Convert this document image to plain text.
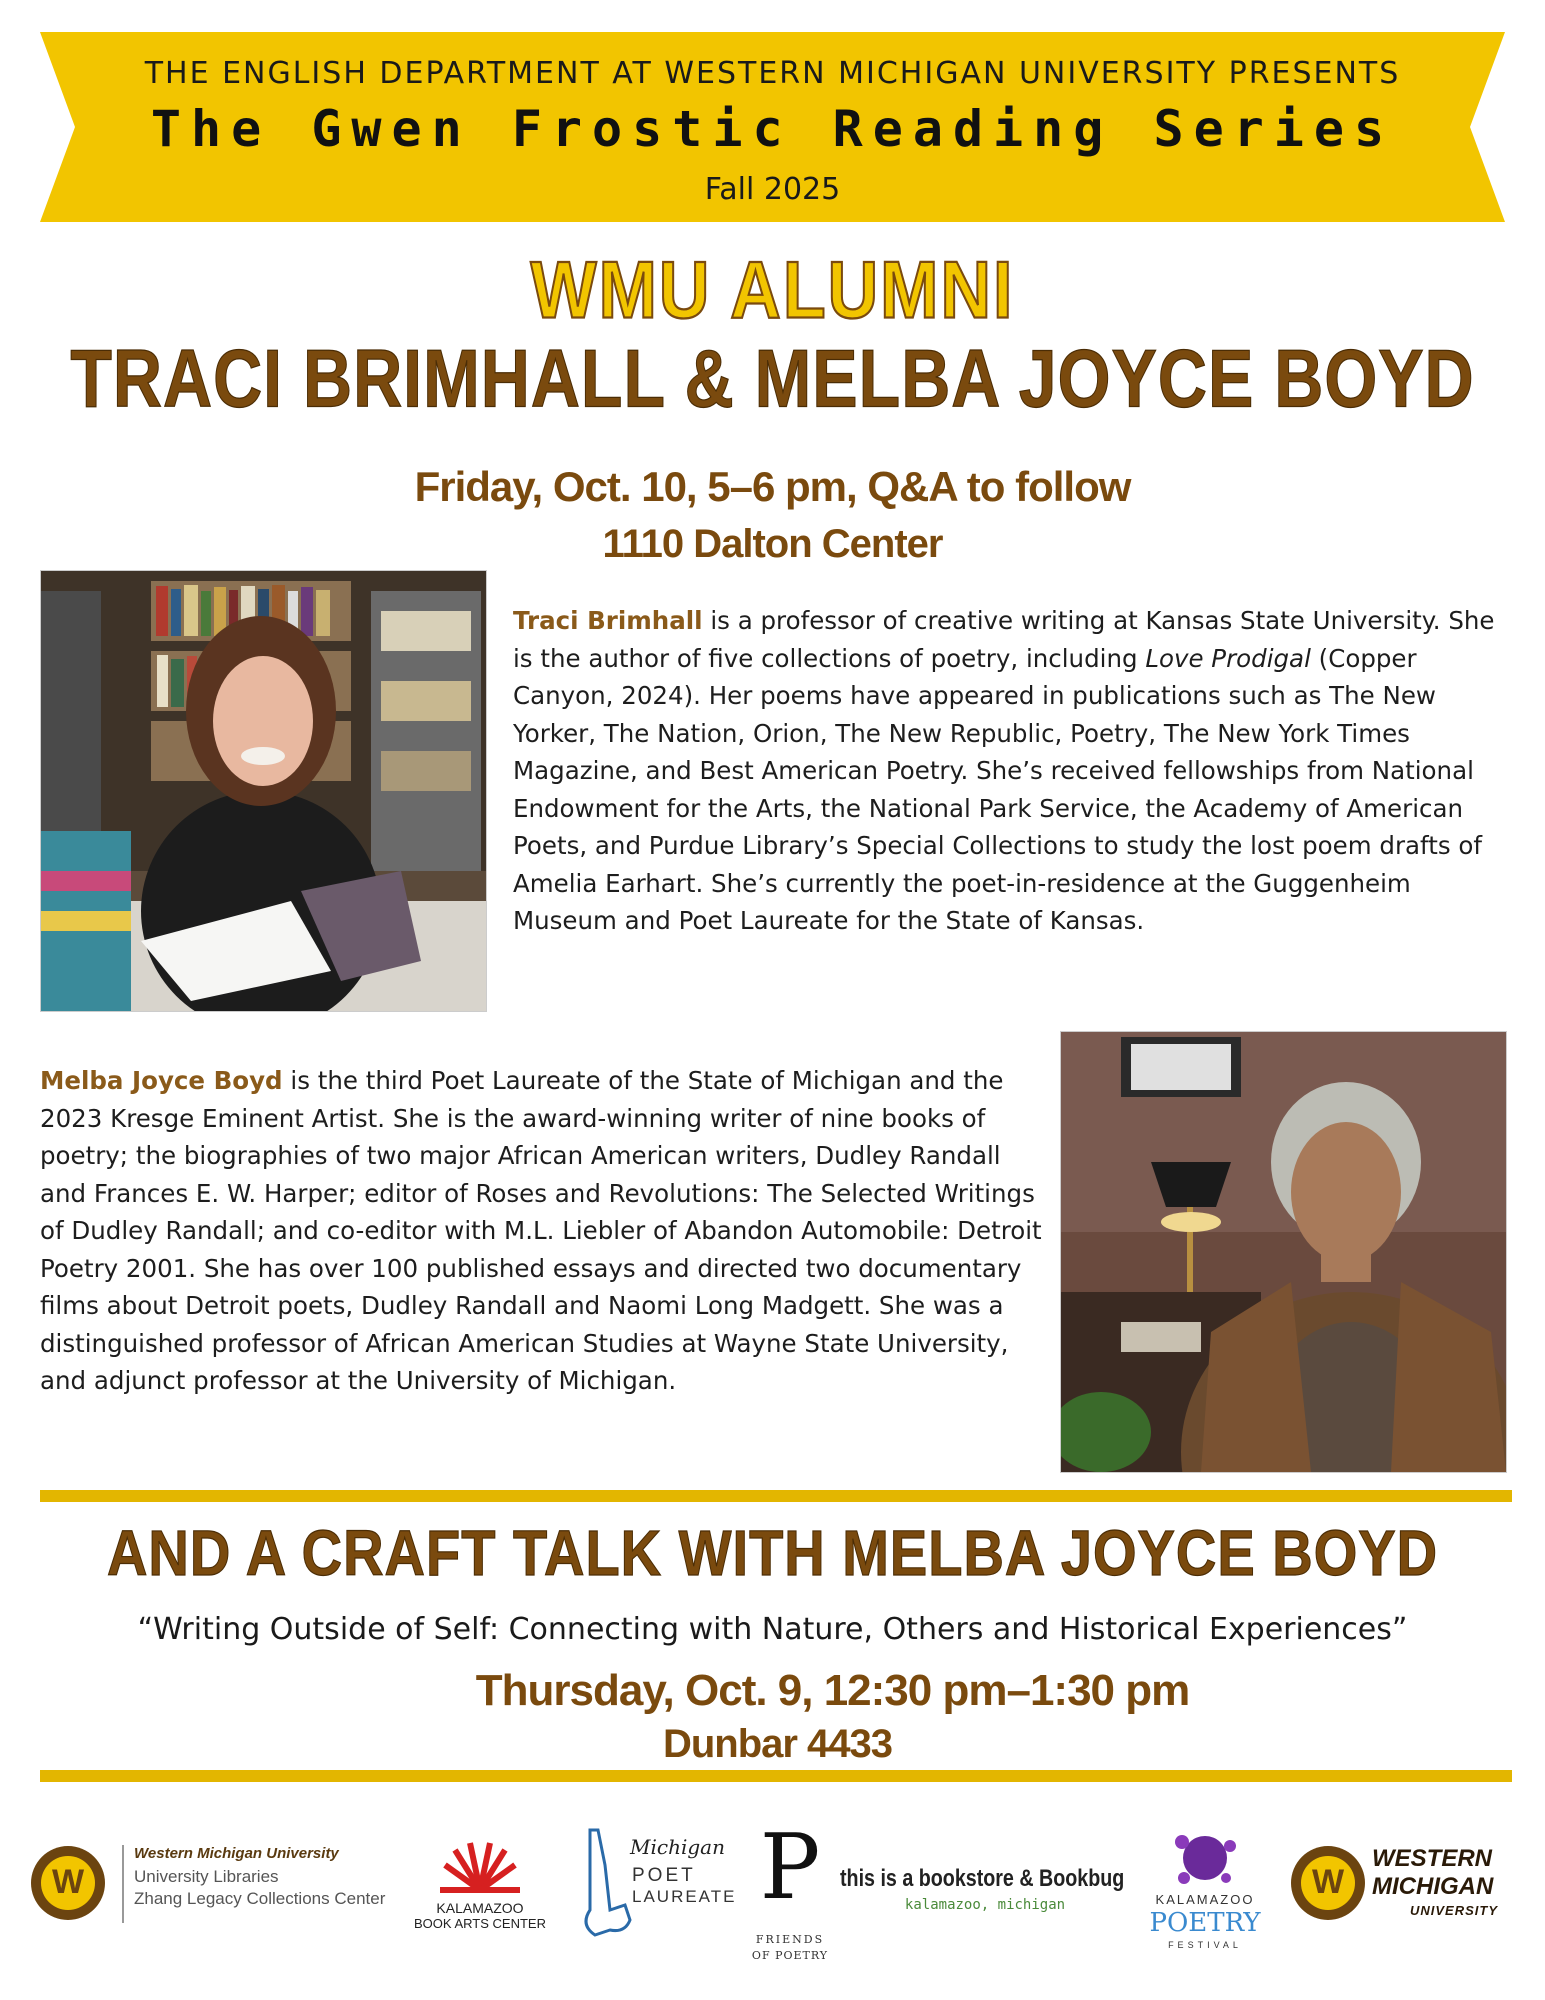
THE ENGLISH DEPARTMENT AT WESTERN MICHIGAN UNIVERSITY PRESENTS
The Gwen Frostic Reading Series
Fall 2025
WMU ALUMNI
TRACI BRIMHALL & MELBA JOYCE BOYD
Friday, Oct. 10, 5–6 pm, Q&A to follow
1110 Dalton Center
Traci Brimhall is a professor of creative writing at Kansas State University. She is the author of five collections of poetry, including Love Prodigal (Copper Canyon, 2024). Her poems have appeared in publications such as The New Yorker, The Nation, Orion, The New Republic, Poetry, The New York Times Magazine, and Best American Poetry. She’s received fellowships from National Endowment for the Arts, the National Park Service, the Academy of American Poets, and Purdue Library’s Special Collections to study the lost poem drafts of Amelia Earhart. She’s currently the poet-in-residence at the Guggenheim Museum and Poet Laureate for the State of Kansas.
Melba Joyce Boyd is the third Poet Laureate of the State of Michigan and the 2023 Kresge Eminent Artist. She is the award-winning writer of nine books of poetry; the biographies of two major African American writers, Dudley Randall and Frances E. W. Harper; editor of Roses and Revolutions: The Selected Writings of Dudley Randall; and co-editor with M.L. Liebler of Abandon Automobile: Detroit Poetry 2001. She has over 100 published essays and directed two documentary films about Detroit poets, Dudley Randall and Naomi Long Madgett. She was a distinguished professor of African American Studies at Wayne State University, and adjunct professor at the University of Michigan.
AND A CRAFT TALK WITH MELBA JOYCE BOYD
“Writing Outside of Self: Connecting with Nature, Others and Historical Experiences”
Thursday, Oct. 9, 12:30 pm–1:30 pm
Dunbar 4433
W
Western Michigan University
University Libraries
Zhang Legacy Collections Center	KALAMAZOO
BOOK ARTS CENTER
Michigan
POET
LAUREATE P
FRIENDS
OF POETRY
this is a bookstore & Bookbug
kalamazoo, michigan	KALAMAZOO
POETRY
FESTIVAL
W
WESTERN
MICHIGAN
UNIVERSITY
